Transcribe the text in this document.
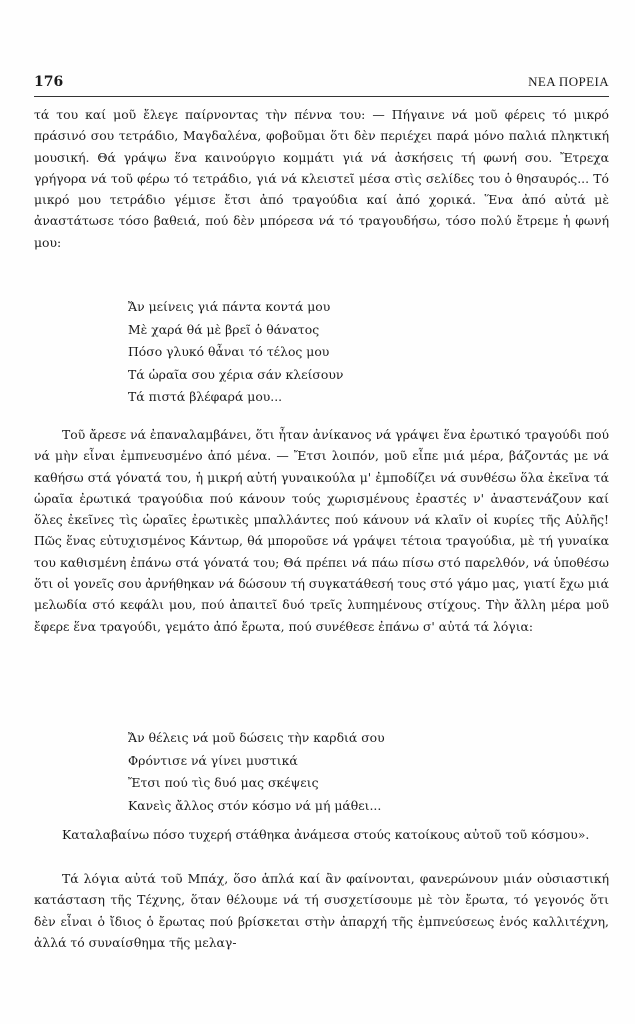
176	ΝΕΑ ΠΟΡΕΙΑ
τά του καί μοῦ ἔλεγε παίρνοντας τὴν πέννα του: — Πήγαινε νά μοῦ φέρεις τό μικρό πράσινό σου τετράδιο, Μαγδαλένα, φοβοῦμαι ὅτι δὲν περιέχει παρά μόνο παλιά πληκτική μουσική. Θά γράψω ἕνα καινούργιο κομμάτι γιά νά ἀσκήσεις τή φωνή σου. Ἔτρεχα γρήγορα νά τοῦ φέρω τό τετράδιο, γιά νά κλειστεῖ μέσα στὶς σελίδες του ὁ θησαυρός... Τό μικρό μου τετράδιο γέμισε ἔτσι ἀπό τραγούδια καί ἀπό χορικά. Ἕνα ἀπό αὐτά μὲ ἀναστάτωσε τόσο βαθειά, πού δὲν μπόρεσα νά τό τραγουδήσω, τόσο πολύ ἔτρεμε ἡ φωνή μου:
Ἄν μείνεις γιά πάντα κοντά μου
Μὲ χαρά θά μὲ βρεῖ ὁ θάνατος
Πόσο γλυκό θἆναι τό τέλος μου
Τά ὡραῖα σου χέρια σάν κλείσουν
Τά πιστά βλέφαρά μου...
Τοῦ ἄρεσε νά ἐπαναλαμβάνει, ὅτι ἦταν ἀνίκανος νά γράψει ἕνα ἐρωτικό τραγούδι πού νά μὴν εἶναι ἐμπνευσμένο ἀπό μένα. — Ἔτσι λοιπόν, μοῦ εἶπε μιά μέρα, βάζοντάς με νά καθήσω στά γόνατά του, ἡ μικρή αὐτή γυναικούλα μ' ἐμποδίζει νά συνθέσω ὅλα ἐκεῖνα τά ὡραῖα ἐρωτικά τραγούδια πού κάνουν τούς χωρισμένους ἐραστές ν' ἀναστενάζουν καί ὅλες ἐκεῖνες τὶς ὡραῖες ἐρωτικὲς μπαλλάντες πού κάνουν νά κλαῖν οἱ κυρίες τῆς Αὐλῆς! Πῶς ἕνας εὐτυχισμένος Κάντωρ, θά μποροῦσε νά γράψει τέτοια τραγούδια, μὲ τή γυναίκα του καθισμένη ἐπάνω στά γόνατά του; Θά πρέπει νά πάω πίσω στό παρελθόν, νά ὑποθέσω ὅτι οἱ γονεῖς σου ἀρνήθηκαν νά δώσουν τή συγκατάθεσή τους στό γάμο μας, γιατί ἔχω μιά μελωδία στό κεφάλι μου, πού ἀπαιτεῖ δυό τρεῖς λυπημένους στίχους. Τὴν ἄλλη μέρα μοῦ ἔφερε ἕνα τραγούδι, γεμάτο ἀπό ἔρωτα, πού συνέθεσε ἐπάνω σ' αὐτά τά λόγια:
Ἄν θέλεις νά μοῦ δώσεις τὴν καρδιά σου
Φρόντισε νά γίνει μυστικά
Ἔτσι πού τὶς δυό μας σκέψεις
Κανεὶς ἄλλος στόν κόσμο νά μή μάθει...
Καταλαβαίνω πόσο τυχερή στάθηκα ἀνάμεσα στούς κατοίκους αὐτοῦ τοῦ κόσμου».
Τά λόγια αὐτά τοῦ Μπάχ, ὅσο ἁπλά καί ἂν φαίνονται, φανερώνουν μιάν οὐσιαστική κατάσταση τῆς Τέχνης, ὅταν θέλουμε νά τή συσχετίσουμε μὲ τὸν ἔρωτα, τό γεγονός ὅτι δὲν εἶναι ὁ ἴδιος ὁ ἔρωτας πού βρίσκεται στὴν ἀπαρχή τῆς ἐμπνεύσεως ἑνός καλλιτέχνη, ἀλλά τό συναίσθημα τῆς μελαγ-
